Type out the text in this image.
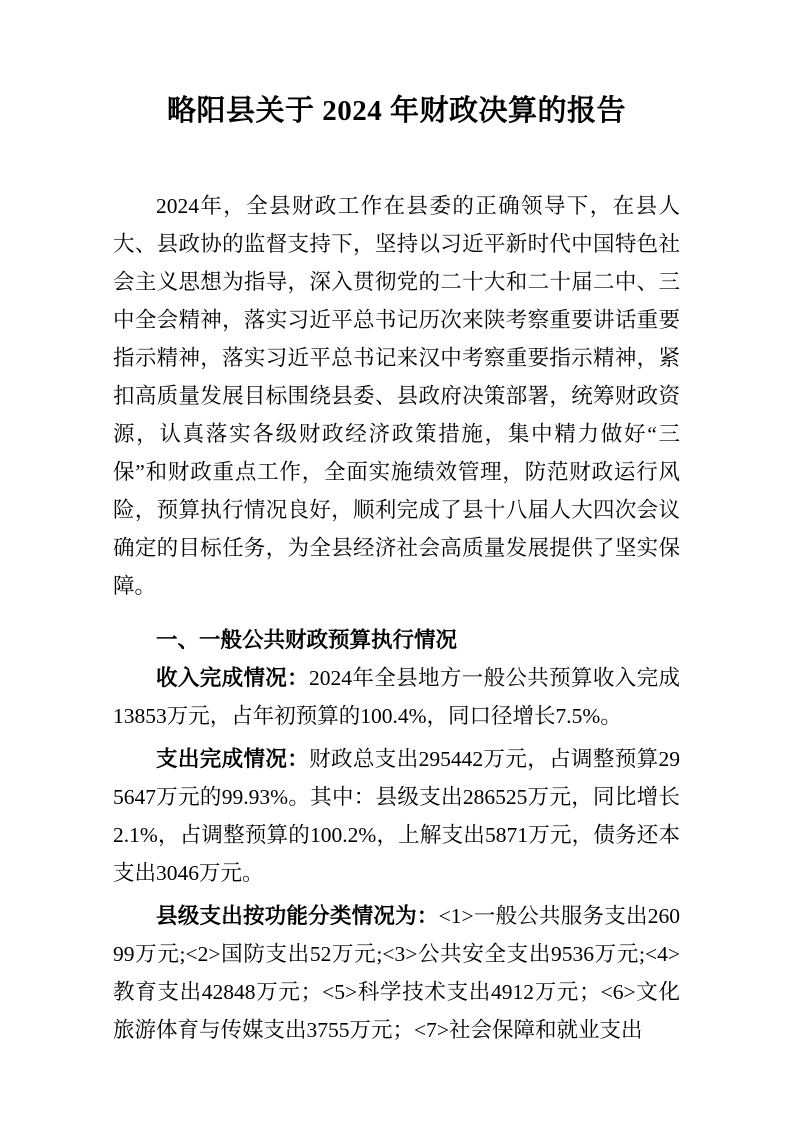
略阳县关于 2024 年财政决算的报告

2024年，全县财政工作在县委的正确领导下，在县人大、县政协的监督支持下，坚持以习近平新时代中国特色社会主义思想为指导，深入贯彻党的二十大和二十届二中、三中全会精神，落实习近平总书记历次来陕考察重要讲话重要指示精神，落实习近平总书记来汉中考察重要指示精神，紧扣高质量发展目标围绕县委、县政府决策部署，统筹财政资源，认真落实各级财政经济政策措施，集中精力做好“三保”和财政重点工作，全面实施绩效管理，防范财政运行风险，预算执行情况良好，顺利完成了县十八届人大四次会议确定的目标任务，为全县经济社会高质量发展提供了坚实保障。

一、一般公共财政预算执行情况

收入完成情况：2024年全县地方一般公共预算收入完成13853万元，占年初预算的100.4%，同口径增长7.5%。

支出完成情况：财政总支出295442万元，占调整预算295647万元的99.93%。其中：县级支出286525万元，同比增长2.1%，占调整预算的100.2%，上解支出5871万元，债务还本支出3046万元。

县级支出按功能分类情况为：<1>一般公共服务支出26099万元;<2>国防支出52万元;<3>公共安全支出9536万元;<4>教育支出42848万元；<5>科学技术支出4912万元；<6>文化旅游体育与传媒支出3755万元；<7>社会保障和就业支出
